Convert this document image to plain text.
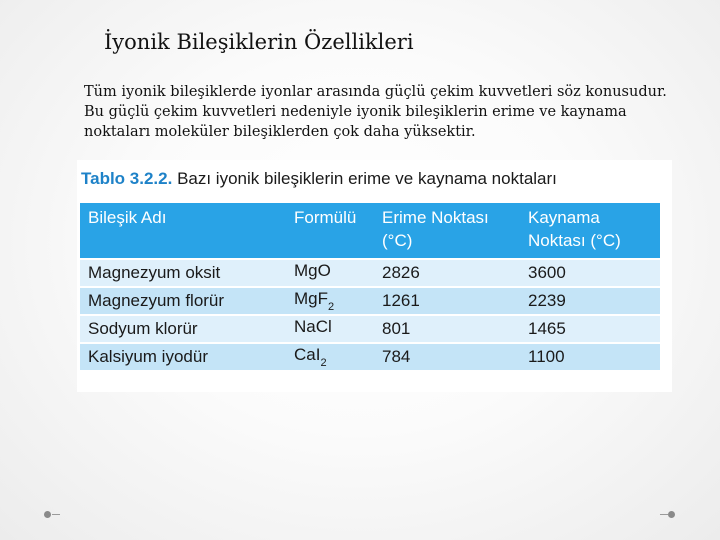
İyonik Bileşiklerin Özellikleri
Tüm iyonik bileşiklerde iyonlar arasında güçlü çekim kuvvetleri söz konusudur. Bu güçlü çekim kuvvetleri nedeniyle iyonik bileşiklerin erime ve kaynama noktaları moleküler bileşiklerden çok daha yüksektir.
Tablo 3.2.2. Bazı iyonik bileşiklerin erime ve kaynama noktaları
Bileşik Adı	Formülü	Erime Noktası (°C)	Kaynama Noktası (°C)
Magnezyum oksit	MgO	2826	3600
Magnezyum florür	MgF$_2$	1261	2239
Sodyum klorür	NaCl	801	1465
Kalsiyum iyodür	CaI$_2$	784	1100
